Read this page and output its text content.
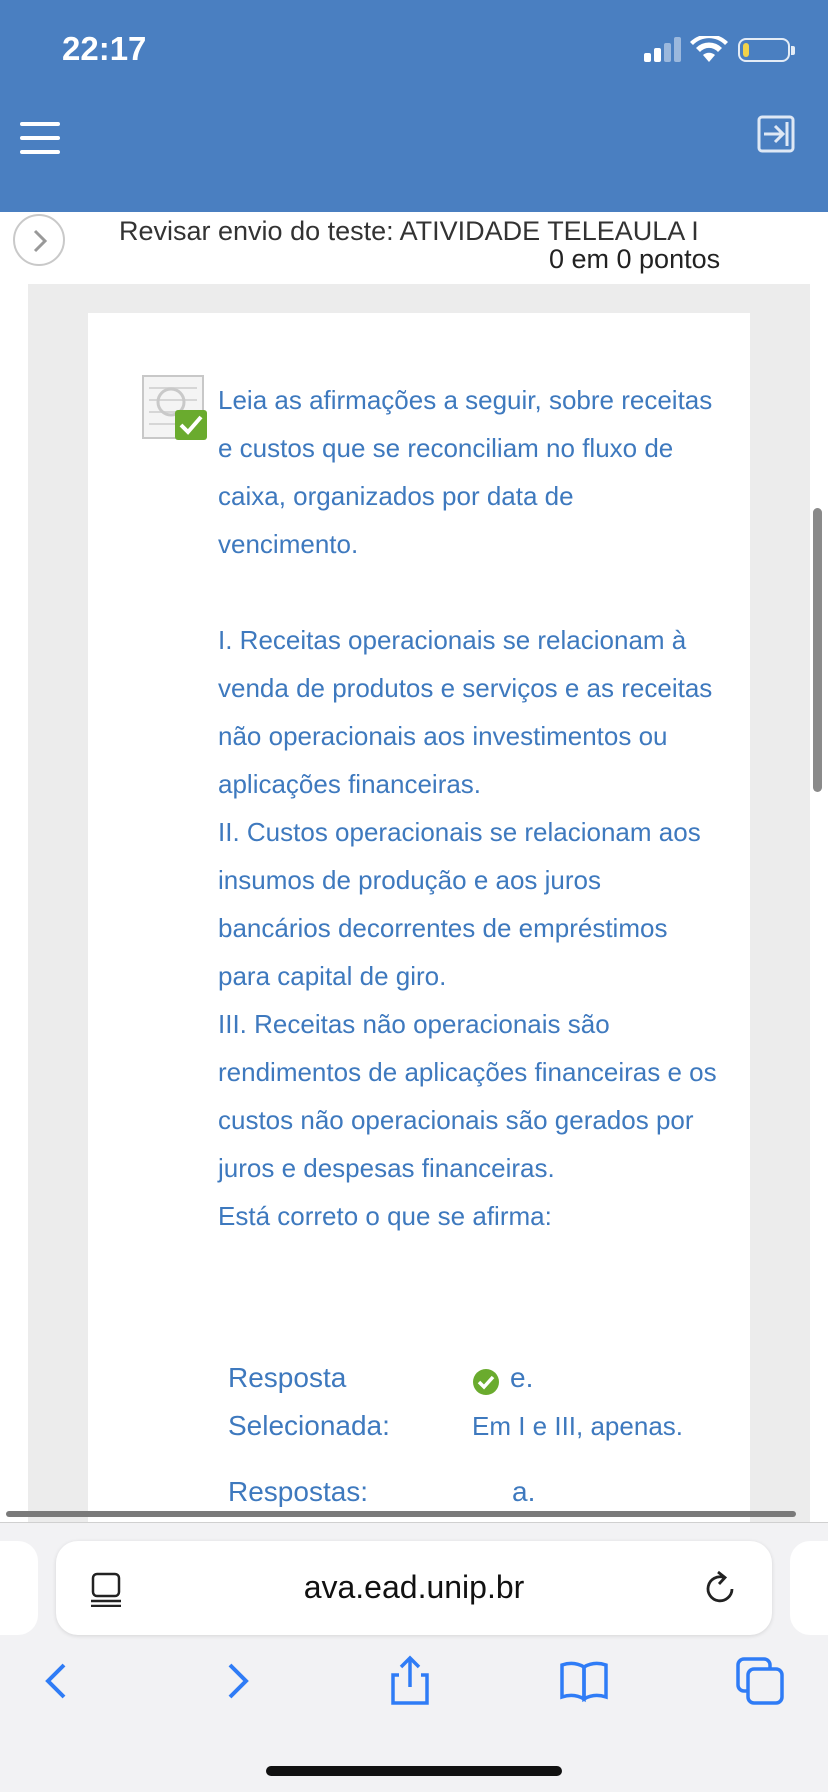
22:17
Revisar envio do teste: ATIVIDADE TELEAULA I
0 em 0 pontos

Leia as afirmações a seguir, sobre receitas e custos que se reconciliam no fluxo de caixa, organizados por data de vencimento.

I. Receitas operacionais se relacionam à venda de produtos e serviços e as receitas não operacionais aos investimentos ou aplicações financeiras.

II. Custos operacionais se relacionam aos insumos de produção e aos juros bancários decorrentes de empréstimos para capital de giro.

III. Receitas não operacionais são rendimentos de aplicações financeiras e os custos não operacionais são gerados por juros e despesas financeiras.

Está correto o que se afirma:

Resposta
Selecionada:
e.
Em I e III, apenas.
Respostas:	a.
ava.ead.unip.br
